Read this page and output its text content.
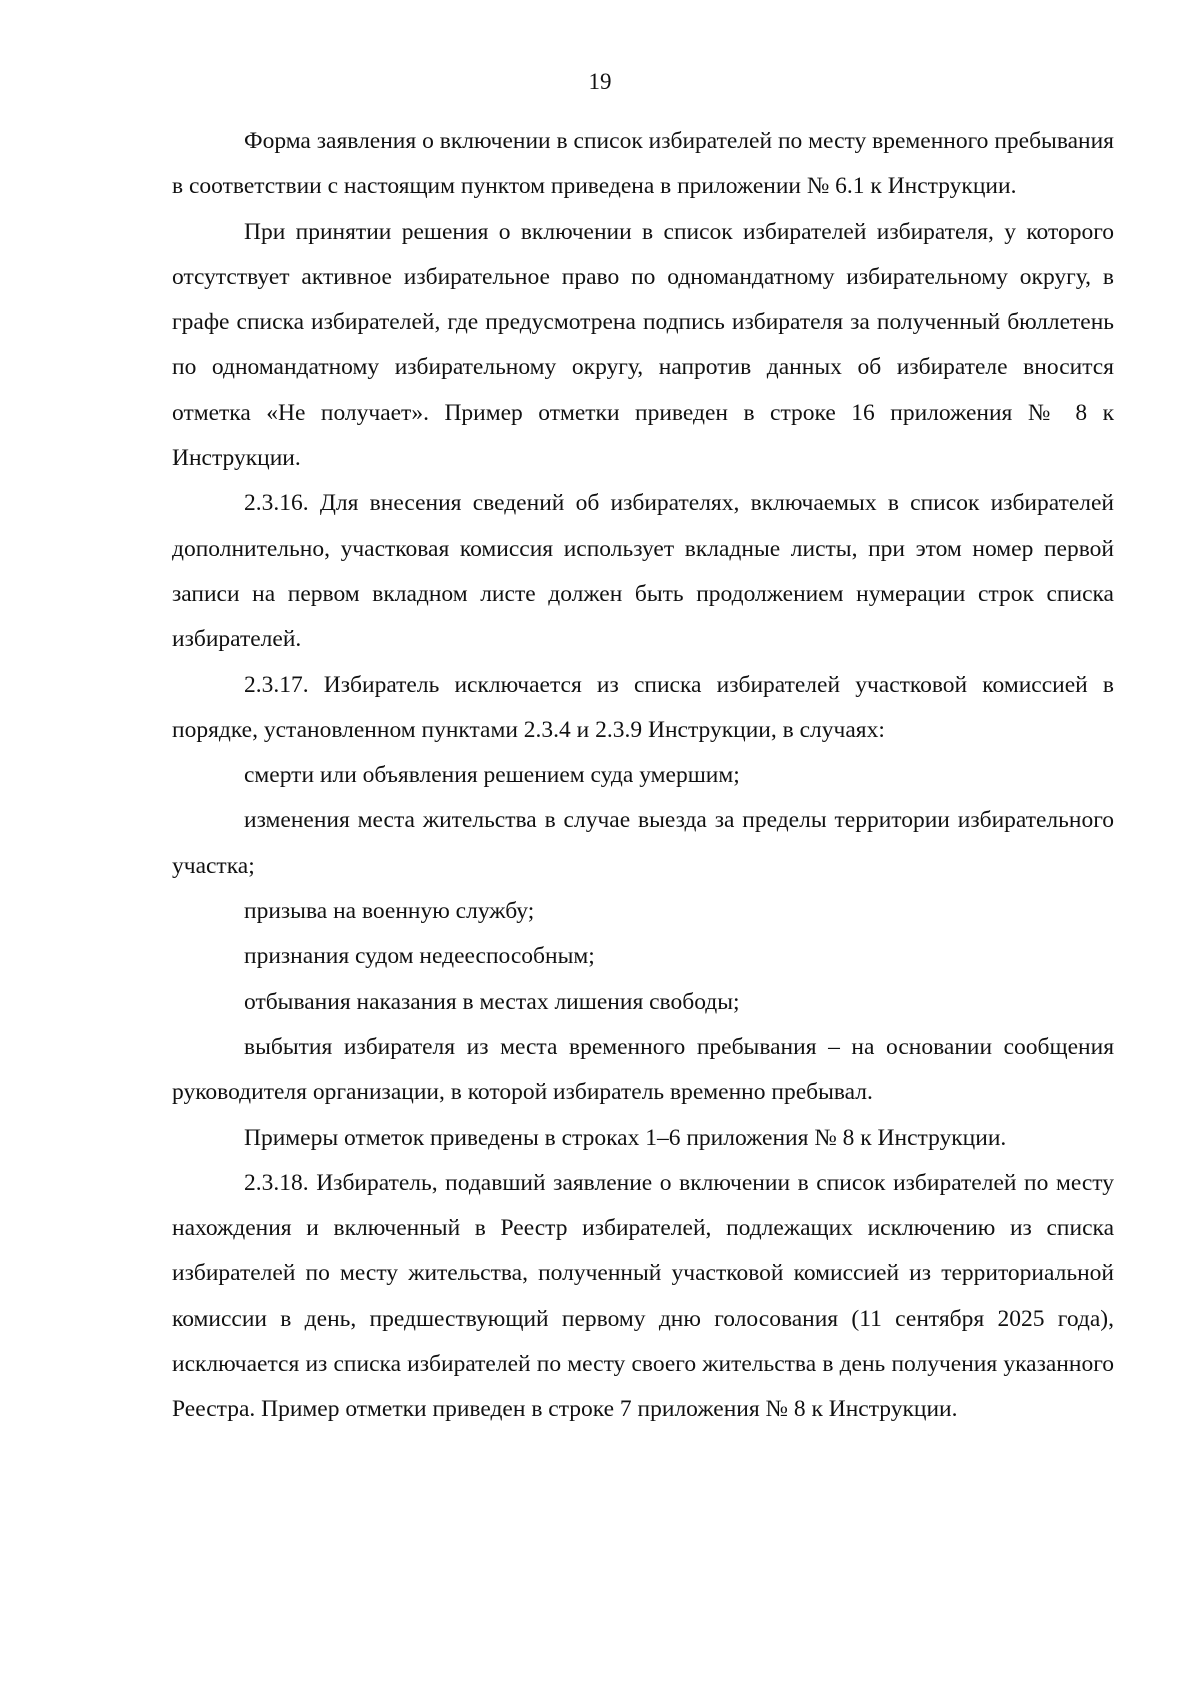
19

Форма заявления о включении в список избирателей по месту временного пребывания в соответствии с настоящим пунктом приведена в приложении № 6.1 к Инструкции.

При принятии решения о включении в список избирателей избирателя, у которого отсутствует активное избирательное право по одномандатному избирательному округу, в графе списка избирателей, где предусмотрена подпись избирателя за полученный бюллетень по одномандатному избирательному округу, напротив данных об избирателе вносится отметка «Не получает». Пример отметки приведен в строке 16 приложения № 8 к Инструкции.

2.3.16. Для внесения сведений об избирателях, включаемых в список избирателей дополнительно, участковая комиссия использует вкладные листы, при этом номер первой записи на первом вкладном листе должен быть продолжением нумерации строк списка избирателей.

2.3.17. Избиратель исключается из списка избирателей участковой комиссией в порядке, установленном пунктами 2.3.4 и 2.3.9 Инструкции, в случаях:

смерти или объявления решением суда умершим;

изменения места жительства в случае выезда за пределы территории избирательного участка;

призыва на военную службу;

признания судом недееспособным;

отбывания наказания в местах лишения свободы;

выбытия избирателя из места временного пребывания – на основании сообщения руководителя организации, в которой избиратель временно пребывал.

Примеры отметок приведены в строках 1–6 приложения № 8 к Инструкции.

2.3.18. Избиратель, подавший заявление о включении в список избирателей по месту нахождения и включенный в Реестр избирателей, подлежащих исключению из списка избирателей по месту жительства, полученный участковой комиссией из территориальной комиссии в день, предшествующий первому дню голосования (11 сентября 2025 года), исключается из списка избирателей по месту своего жительства в день получения указанного Реестра. Пример отметки приведен в строке 7 приложения № 8 к Инструкции.
